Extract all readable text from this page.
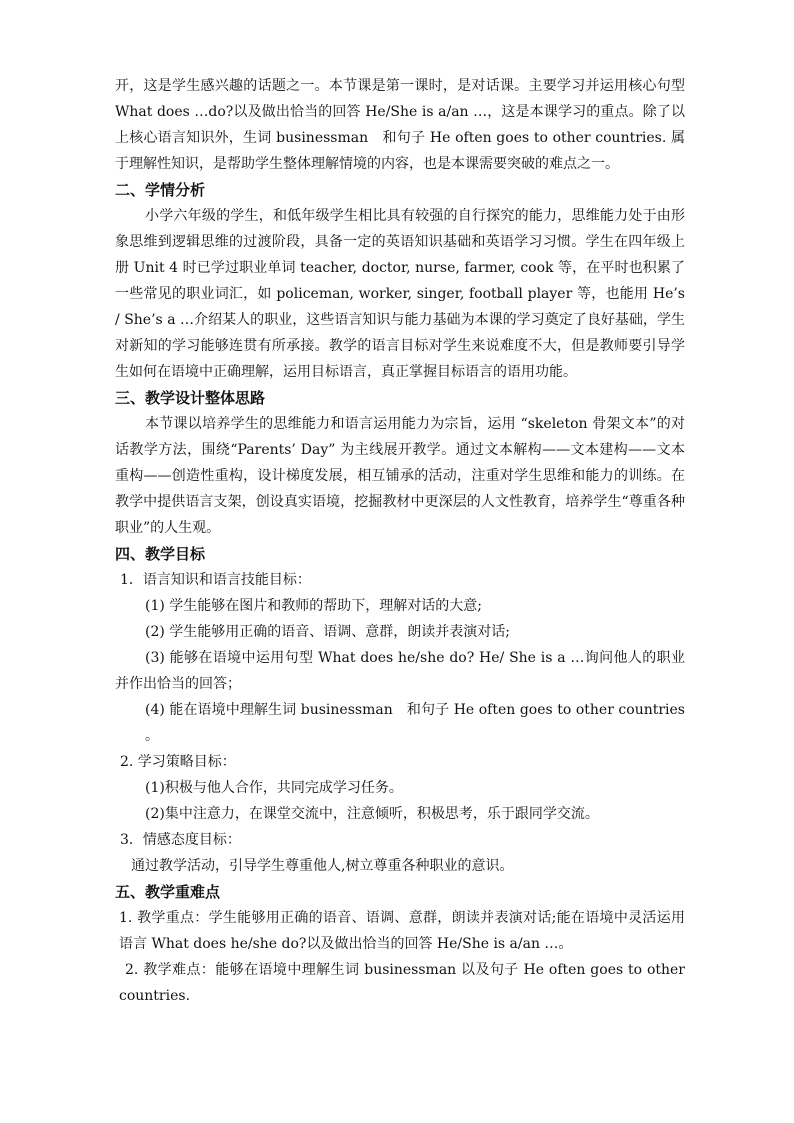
开，这是学生感兴趣的话题之一。本节课是第一课时，是对话课。主要学习并运用核心句型 What does …do?以及做出恰当的回答 He/She is a/an …，这是本课学习的重点。除了以上核心语言知识外，生词 businessman　和句子 He often goes to other countries. 属于理解性知识，是帮助学生整体理解情境的内容，也是本课需要突破的难点之一。

二、学情分析

小学六年级的学生，和低年级学生相比具有较强的自行探究的能力，思维能力处于由形象思维到逻辑思维的过渡阶段，具备一定的英语知识基础和英语学习习惯。学生在四年级上册 Unit 4 时已学过职业单词 teacher, doctor, nurse, farmer, cook 等，在平时也积累了一些常见的职业词汇，如 policeman, worker, singer, football player 等，也能用 He’s / She’s a …介绍某人的职业，这些语言知识与能力基础为本课的学习奠定了良好基础，学生对新知的学习能够连贯有所承接。教学的语言目标对学生来说难度不大，但是教师要引导学生如何在语境中正确理解，运用目标语言，真正掌握目标语言的语用功能。

三、教学设计整体思路

本节课以培养学生的思维能力和语言运用能力为宗旨，运用 “skeleton 骨架文本”的对话教学方法，围绕“Parents’ Day” 为主线展开教学。通过文本解构——文本建构——文本重构——创造性重构，设计梯度发展，相互铺承的活动，注重对学生思维和能力的训练。在教学中提供语言支架，创设真实语境，挖掘教材中更深层的人文性教育，培养学生“尊重各种职业”的人生观。

四、教学目标

1．语言知识和语言技能目标：

(1) 学生能够在图片和教师的帮助下，理解对话的大意;

(2) 学生能够用正确的语音、语调、意群，朗读并表演对话;

(3) 能够在语境中运用句型 What does he/she do? He/ She is a …询问他人的职业并作出恰当的回答；

(4) 能在语境中理解生词 businessman　和句子 He often goes to other countries 。

2. 学习策略目标：

(1)积极与他人合作，共同完成学习任务。

(2)集中注意力，在课堂交流中，注意倾听，积极思考，乐于跟同学交流。

3．情感态度目标：

通过教学活动，引导学生尊重他人,树立尊重各种职业的意识。

五、教学重难点

1. 教学重点：学生能够用正确的语音、语调、意群，朗读并表演对话;能在语境中灵活运用语言 What does he/she do?以及做出恰当的回答 He/She is a/an …。

2. 教学难点：能够在语境中理解生词 businessman 以及句子 He often goes to other countries.
